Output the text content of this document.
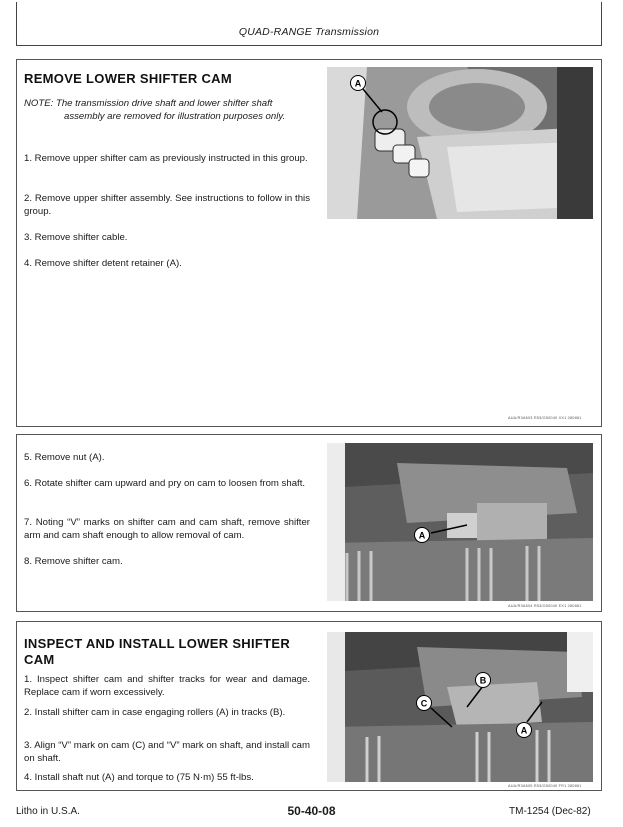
QUAD-RANGE Transmission
REMOVE LOWER SHIFTER CAM
NOTE: The transmission drive shaft and lower shifter shaft
assembly are removed for illustration purposes only.
1. Remove upper shifter cam as previously instructed in this group.
2. Remove upper shifter assembly. See instructions to follow in this group.
3. Remove shifter cable.
4. Remove shifter detent retainer (A).
A
AUA/R3A603 R53/G50040 XX1 280881
5. Remove nut (A).
6. Rotate shifter cam upward and pry on cam to loosen from shaft.
7. Noting “V” marks on shifter cam and cam shaft, remove shifter arm and cam shaft enough to allow removal of cam.
8. Remove shifter cam.
A
AUA/R3A604 R53/G50040 EX1 280881
INSPECT AND INSTALL LOWER SHIFTER CAM
1. Inspect shifter cam and shifter tracks for wear and damage. Replace cam if worn excessively.
2. Install shifter cam in case engaging rollers (A) in tracks (B).
3. Align “V” mark on cam (C) and “V” mark on shaft, and install cam on shaft.
4. Install shaft nut (A) and torque to (75 N·m) 55 ft-lbs.
B
C
A
AUA/R3A605 R53/G50040 FR1 280881
Litho in U.S.A.	50-40-08	TM-1254 (Dec-82)
